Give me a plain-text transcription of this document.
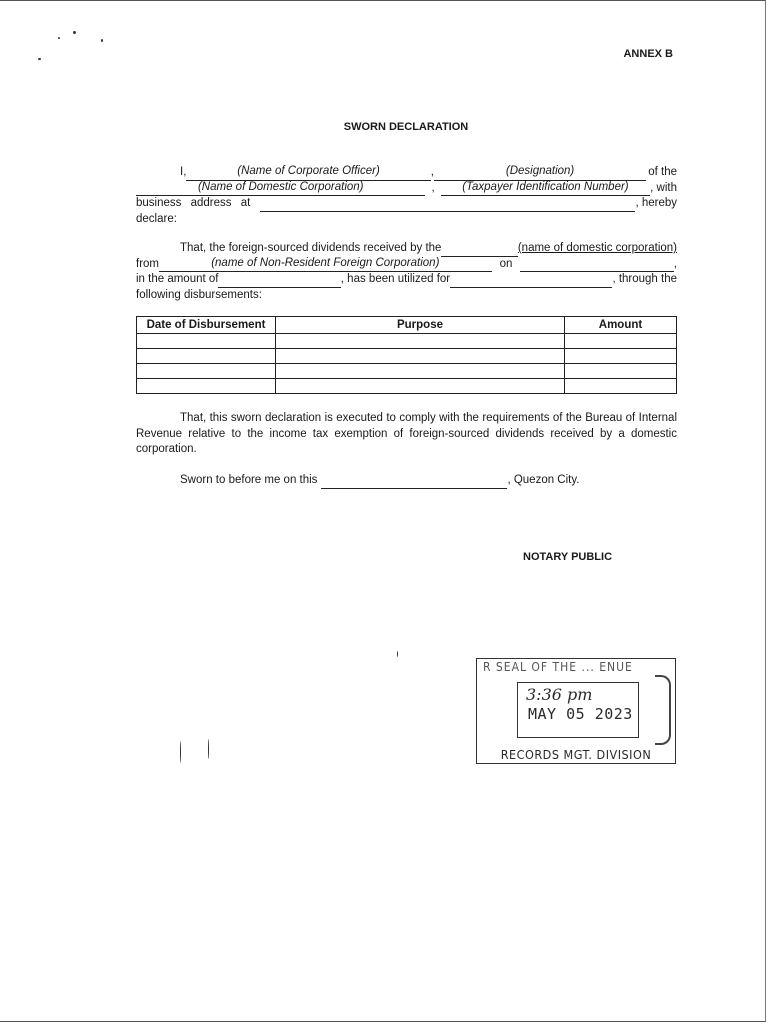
ANNEX B
SWORN DECLARATION
I,	(Name of Corporate Officer)	,	(Designation)	of the
(Name of Domestic Corporation)	,	(Taxpayer Identification Number)	, with
business address at	, hereby
declare:
That, the foreign-sourced dividends received by the	(name of domestic corporation)
from	(name of Non-Resident Foreign Corporation)	on	,
in the amount of	, has been utilized for	, through the
following disbursements:
Date of Disbursement	Purpose	Amount

That, this sworn declaration is executed to comply with the requirements of the Bureau of Internal Revenue relative to the income tax exemption of foreign-sourced dividends received by a domestic corporation.
Sworn to before me on this	, Quezon City.
NOTARY PUBLIC
R SEAL OF THE ... ENUE
3:36 pm
MAY 05 2023
RECORDS MGT. DIVISION
